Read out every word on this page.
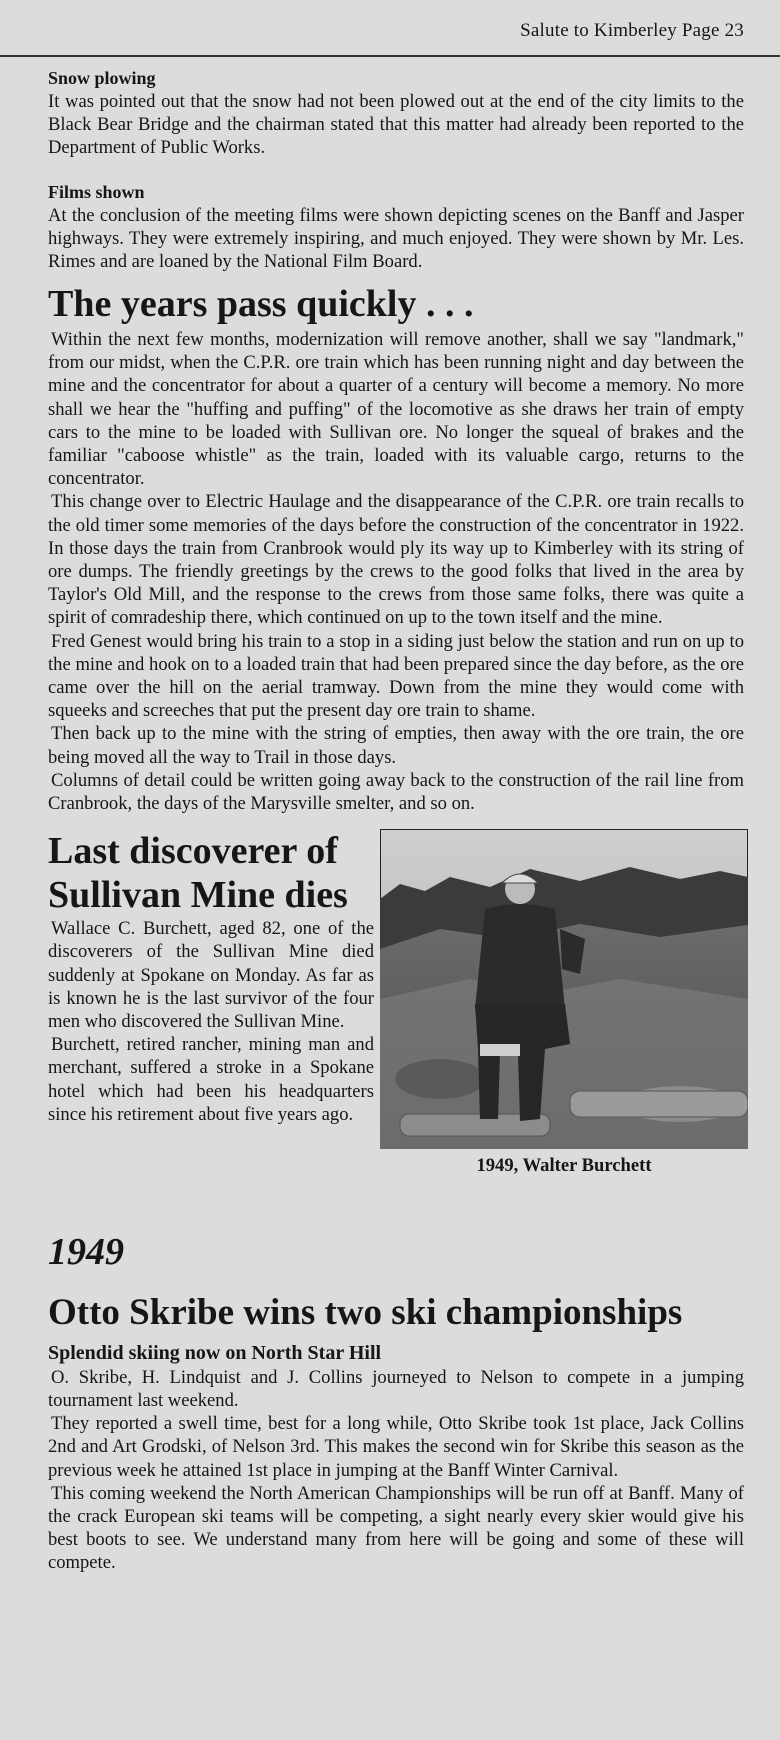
Salute to Kimberley Page 23
Snow plowing

It was pointed out that the snow had not been plowed out at the end of the city limits to the Black Bear Bridge and the chairman stated that this matter had already been reported to the Department of Public Works.

Films shown

At the conclusion of the meeting films were shown depicting scenes on the Banff and Jasper highways. They were extremely inspiring, and much enjoyed. They were shown by Mr. Les. Rimes and are loaned by the National Film Board.

The years pass quickly . . .

Within the next few months, modernization will remove another, shall we say "landmark," from our midst, when the C.P.R. ore train which has been running night and day between the mine and the concentrator for about a quarter of a century will become a memory. No more shall we hear the "huffing and puffing" of the locomotive as she draws her train of empty cars to the mine to be loaded with Sullivan ore. No longer the squeal of brakes and the familiar "caboose whistle" as the train, loaded with its valuable cargo, returns to the concentrator.

This change over to Electric Haulage and the disappearance of the C.P.R. ore train recalls to the old timer some memories of the days before the construction of the concentrator in 1922. In those days the train from Cranbrook would ply its way up to Kimberley with its string of ore dumps. The friendly greetings by the crews to the good folks that lived in the area by Taylor's Old Mill, and the response to the crews from those same folks, there was quite a spirit of comradeship there, which continued on up to the town itself and the mine.

Fred Genest would bring his train to a stop in a siding just below the station and run on up to the mine and hook on to a loaded train that had been prepared since the day before, as the ore came over the hill on the aerial tramway. Down from the mine they would come with squeeks and screeches that put the present day ore train to shame.

Then back up to the mine with the string of empties, then away with the ore train, the ore being moved all the way to Trail in those days.

Columns of detail could be written going away back to the construction of the rail line from Cranbrook, the days of the Marysville smelter, and so on.

Last discoverer of
Sullivan Mine dies

Wallace C. Burchett, aged 82, one of the discoverers of the Sullivan Mine died suddenly at Spokane on Monday. As far as is known he is the last survivor of the four men who discovered the Sullivan Mine.

Burchett, retired rancher, mining man and merchant, suffered a stroke in a Spokane hotel which had been his headquarters since his retirement about five years ago.

1949, Walter Burchett
1949
Otto Skribe wins two ski championships
Splendid skiing now on North Star Hill

O. Skribe, H. Lindquist and J. Collins journeyed to Nelson to compete in a jumping tournament last weekend.

They reported a swell time, best for a long while, Otto Skribe took 1st place, Jack Collins 2nd and Art Grodski, of Nelson 3rd. This makes the second win for Skribe this season as the previous week he attained 1st place in jumping at the Banff Winter Carnival.

This coming weekend the North American Championships will be run off at Banff. Many of the crack European ski teams will be competing, a sight nearly every skier would give his best boots to see. We understand many from here will be going and some of these will compete.
